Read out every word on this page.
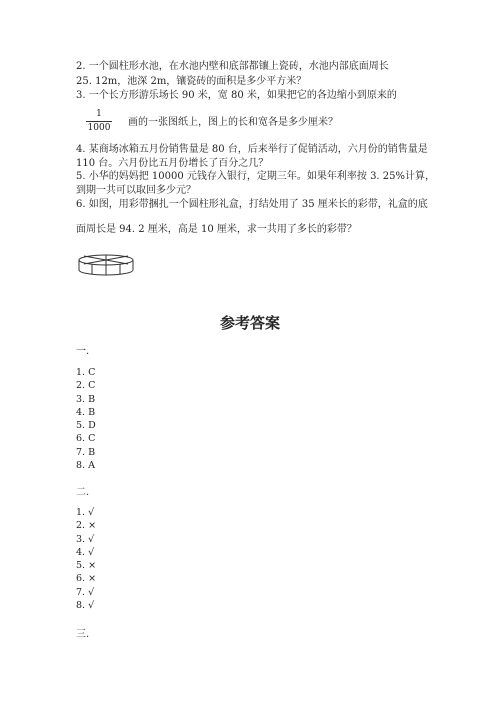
2. 一个圆柱形水池，在水池内壁和底部都镶上瓷砖，水池内部底面周长
25. 12m，池深 2m，镶瓷砖的面积是多少平方米？
3. 一个长方形游乐场长 90 米，宽 80 米，如果把它的各边缩小到原来的
1
1000 画的一张图纸上，图上的长和宽各是多少厘米？
4. 某商场冰箱五月份销售量是 80 台，后来举行了促销活动，六月份的销售量是
110 台。六月份比五月份增长了百分之几？
5. 小华的妈妈把 10000 元钱存入银行，定期三年。如果年利率按 3. 25%计算，
到期一共可以取回多少元？
6. 如图，用彩带捆扎一个圆柱形礼盒，打结处用了 35 厘米长的彩带，礼盒的底
面周长是 94. 2 厘米，高是 10 厘米，求一共用了多长的彩带？
参考答案
一.
1. C
2. C
3. B
4. B
5. D
6. C
7. B
8. A
二.
1. √
2. ×
3. √
4. √
5. ×
6. ×
7. √
8. √
三.
